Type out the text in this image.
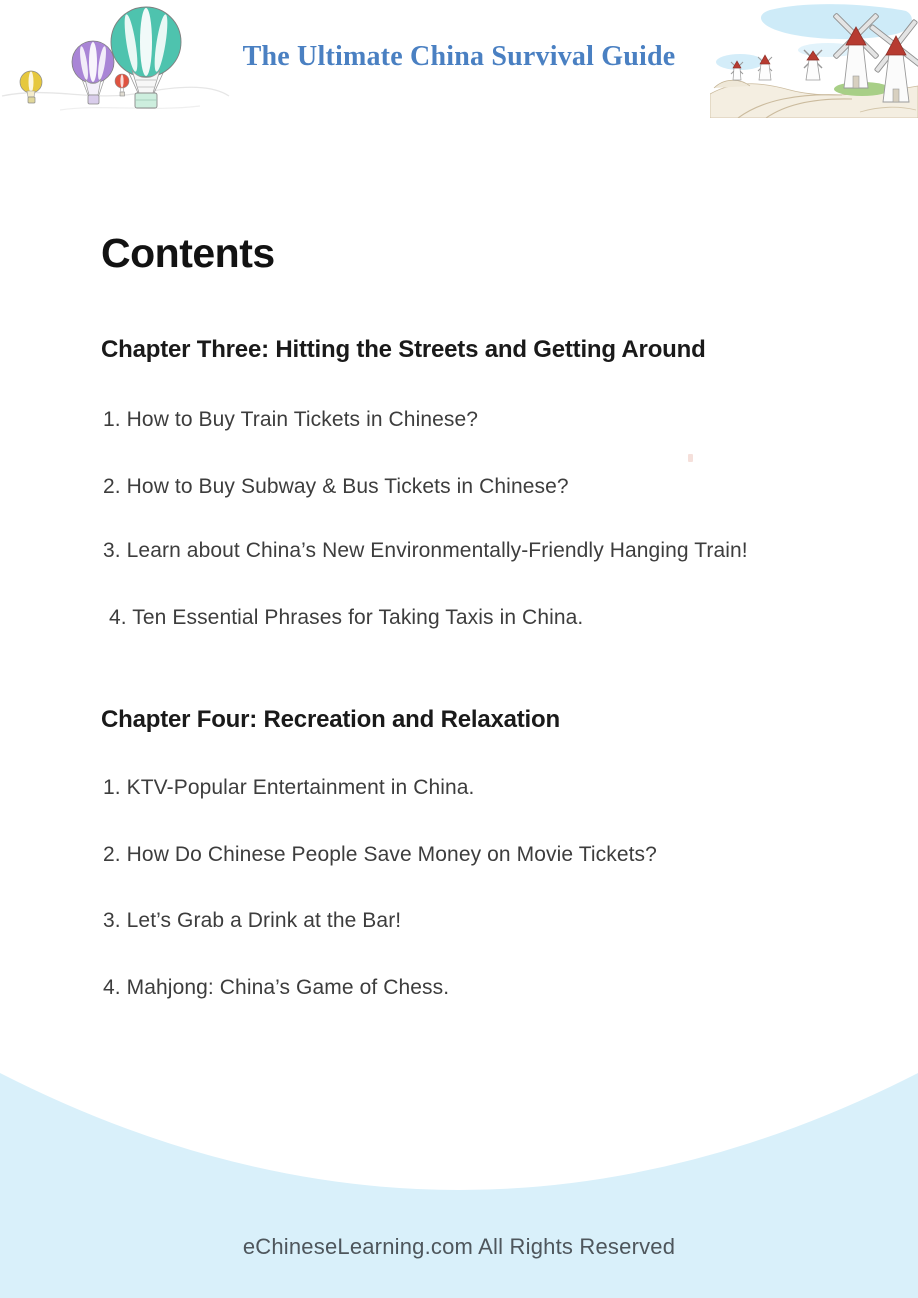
The Ultimate China Survival Guide
Contents
Chapter Three: Hitting the Streets and Getting Around
1. How to Buy Train Tickets in Chinese?
2. How to Buy Subway & Bus Tickets in Chinese?
3. Learn about China’s New Environmentally-Friendly Hanging Train!
4. Ten Essential Phrases for Taking Taxis in China.
Chapter Four: Recreation and Relaxation
1. KTV-Popular Entertainment in China.
2. How Do Chinese People Save Money on Movie Tickets?
3. Let’s Grab a Drink at the Bar!
4. Mahjong: China’s Game of Chess.
eChineseLearning.com All Rights Reserved
